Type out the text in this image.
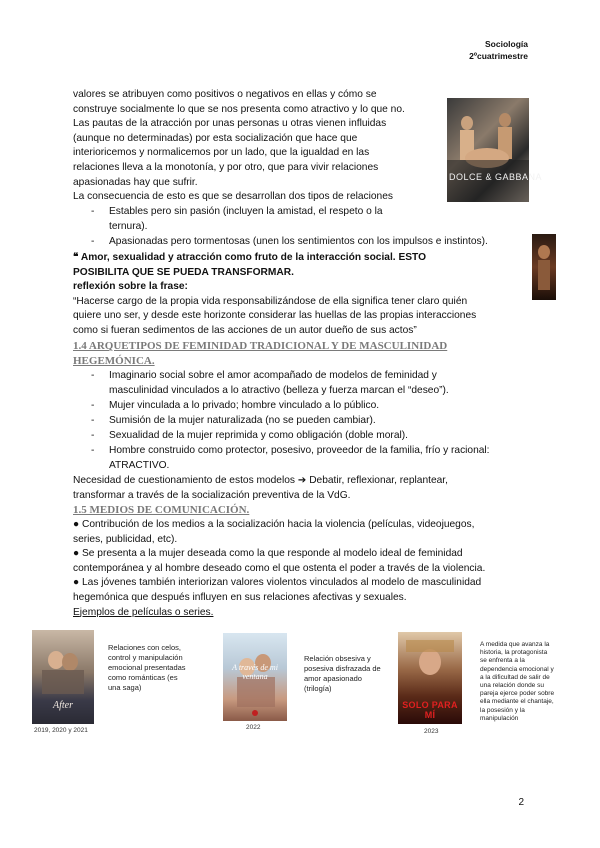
Sociología
2ºcuatrimestre
valores se atribuyen como positivos o negativos en ellas y cómo se
construye socialmente lo que se nos presenta como atractivo y lo que no.
Las pautas de la atracción por unas personas u otras vienen influidas
(aunque no determinadas) por esta socialización que hace que
interioricemos y normalicemos por un lado, que la igualdad en las
relaciones lleva a la monotonía, y por otro, que para vivir relaciones
apasionadas hay que sufrir.
La consecuencia de esto es que se desarrollan dos tipos de relaciones
DOLCE & GABBANA
- Estables pero sin pasión (incluyen la amistad, el respeto o la
ternura).
- Apasionadas pero tormentosas (unen los sentimientos con los impulsos e instintos).
❝ Amor, sexualidad y atracción como fruto de la interacción social. ESTO
POSIBILITA QUE SE PUEDA TRANSFORMAR.
reflexión sobre la frase:
“Hacerse cargo de la propia vida responsabilizándose de ella significa tener claro quién
quiere uno ser, y desde este horizonte considerar las huellas de las propias interacciones
como si fueran sedimentos de las acciones de un autor dueño de sus actos”
1.4 ARQUETIPOS DE FEMINIDAD TRADICIONAL Y DE MASCULINIDAD
HEGEMÓNICA.
- Imaginario social sobre el amor acompañado de modelos de feminidad y
masculinidad vinculados a lo atractivo (belleza y fuerza marcan el “deseo”).
- Mujer vinculada a lo privado; hombre vinculado a lo público.
- Sumisión de la mujer naturalizada (no se pueden cambiar).
- Sexualidad de la mujer reprimida y como obligación (doble moral).
- Hombre construido como protector, posesivo, proveedor de la familia, frío y racional:
ATRACTIVO.
Necesidad de cuestionamiento de estos modelos ➔ Debatir, reflexionar, replantear,
transformar a través de la socialización preventiva de la VdG.
1.5 MEDIOS DE COMUNICACIÓN.
● Contribución de los medios a la socialización hacia la violencia (películas, videojuegos,
series, publicidad, etc).
● Se presenta a la mujer deseada como la que responde al modelo ideal de feminidad
contemporánea y al hombre deseado como el que ostenta el poder a través de la violencia.
● Las jóvenes también interiorizan valores violentos vinculados al modelo de masculinidad
hegemónica que después influyen en sus relaciones afectivas y sexuales.
Ejemplos de películas o series.
After
2019, 2020 y 2021
Relaciones con celos,
control y manipulación
emocional presentadas
como románticas (es
una saga)
A través de mi ventana
2022
Relación obsesiva y
posesiva disfrazada de
amor apasionado
(trilogía)
SOLO PARA MÍ
2023
A medida que avanza la
historia, la protagonista
se enfrenta a la
dependencia emocional y
a la dificultad de salir de
una relación donde su
pareja ejerce poder sobre
ella mediante el chantaje,
la posesión y la
manipulación
2
